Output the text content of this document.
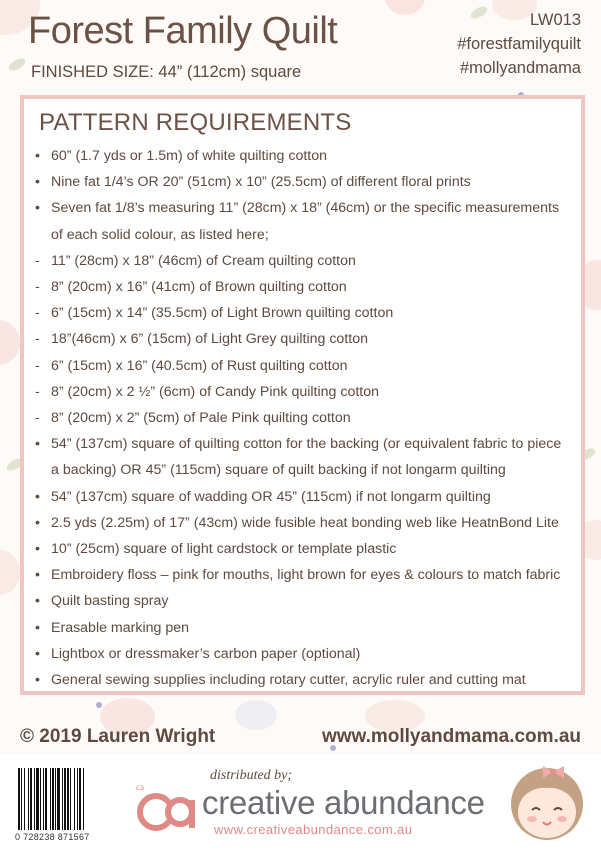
Forest Family Quilt
FINISHED SIZE: 44” (112cm) square
LW013
#forestfamilyquilt
#mollyandmama
PATTERN REQUIREMENTS
• 60” (1.7 yds or 1.5m) of white quilting cotton
• Nine fat 1/4’s OR 20” (51cm) x 10” (25.5cm) of different floral prints
• Seven fat 1/8’s measuring 11” (28cm) x 18” (46cm) or the specific measurements
of each solid colour, as listed here;
- 11” (28cm) x 18” (46cm) of Cream quilting cotton
- 8” (20cm) x 16” (41cm) of Brown quilting cotton
- 6” (15cm) x 14” (35.5cm) of Light Brown quilting cotton
- 18”(46cm) x 6” (15cm) of Light Grey quilting cotton
- 6” (15cm) x 16” (40.5cm) of Rust quilting cotton
- 8” (20cm) x 2 ½” (6cm) of Candy Pink quilting cotton
- 8” (20cm) x 2” (5cm) of Pale Pink quilting cotton
• 54” (137cm) square of quilting cotton for the backing (or equivalent fabric to piece
a backing) OR 45” (115cm) square of quilt backing if not longarm quilting
• 54” (137cm) square of wadding OR 45” (115cm) if not longarm quilting
• 2.5 yds (2.25m) of 17” (43cm) wide fusible heat bonding web like HeatnBond Lite
• 10” (25cm) square of light cardstock or template plastic
• Embroidery floss – pink for mouths, light brown for eyes & colours to match fabric
• Quilt basting spray
• Erasable marking pen
• Lightbox or dressmaker’s carbon paper (optional)
• General sewing supplies including rotary cutter, acrylic ruler and cutting mat
© 2019 Lauren Wright	www.mollyandmama.com.au
0 728238 871567
ca
distributed by;
creative abundance
www.creativeabundance.com.au
